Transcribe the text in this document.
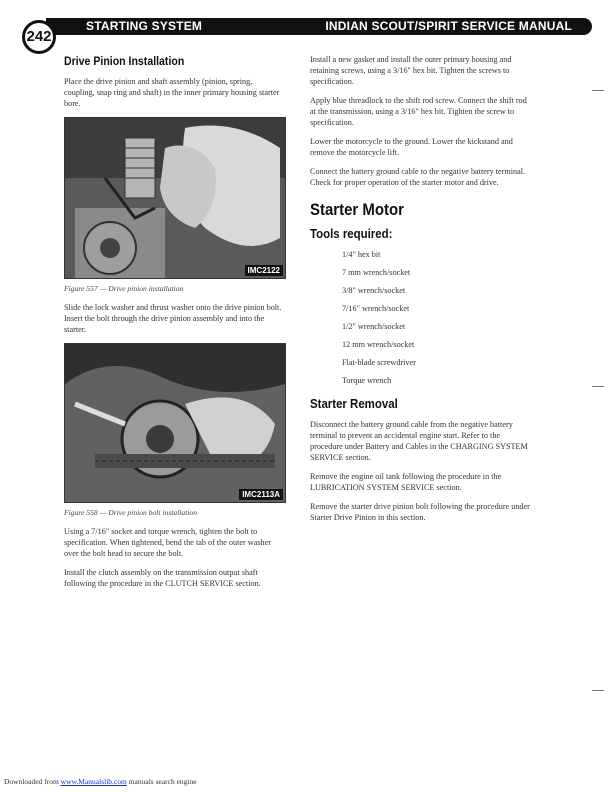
STARTING SYSTEM	INDIAN SCOUT/SPIRIT SERVICE MANUAL
242
Drive Pinion Installation

Place the drive pinion and shaft assembly (pinion, spring, coupling, snap ring and shaft) in the inner primary housing starter bore.

IMC2122

Figure 557 — Drive pinion installation

Slide the lock washer and thrust washer onto the drive pinion bolt. Insert the bolt through the drive pinion assembly and into the starter.

IMC2113A

Figure 558 — Drive pinion bolt installation

Using a 7/16" socket and torque wrench, tighten the bolt to specification. When tightened, bend the tab of the outer washer over the bolt head to secure the bolt.

Install the clutch assembly on the transmission output shaft following the procedure in the CLUTCH SERVICE section.

Install a new gasket and install the outer primary housing and retaining screws, using a 3/16" hex bit. Tighten the screws to specification.

Apply blue threadlock to the shift rod screw. Connect the shift rod at the transmission, using a 3/16" hex bit. Tighten the screw to specification.

Lower the motorcycle to the ground. Lower the kickstand and remove the motorcycle lift.

Connect the battery ground cable to the negative battery terminal. Check for proper operation of the starter motor and drive.

Starter Motor
Tools required:
1/4" hex bit
7 mm wrench/socket
3/8" wrench/socket
7/16" wrench/socket
1/2" wrench/socket
12 mm wrench/socket
Flat-blade screwdriver
Torque wrench
Starter Removal

Disconnect the battery ground cable from the negative battery terminal to prevent an accidental engine start. Refer to the procedure under Battery and Cables in the CHARGING SYSTEM SERVICE section.

Remove the engine oil tank following the procedure in the LUBRICATION SYSTEM SERVICE section.

Remove the starter drive pinion bolt following the procedure under Starter Drive Pinion in this section.

Downloaded from www.Manualslib.com manuals search engine
